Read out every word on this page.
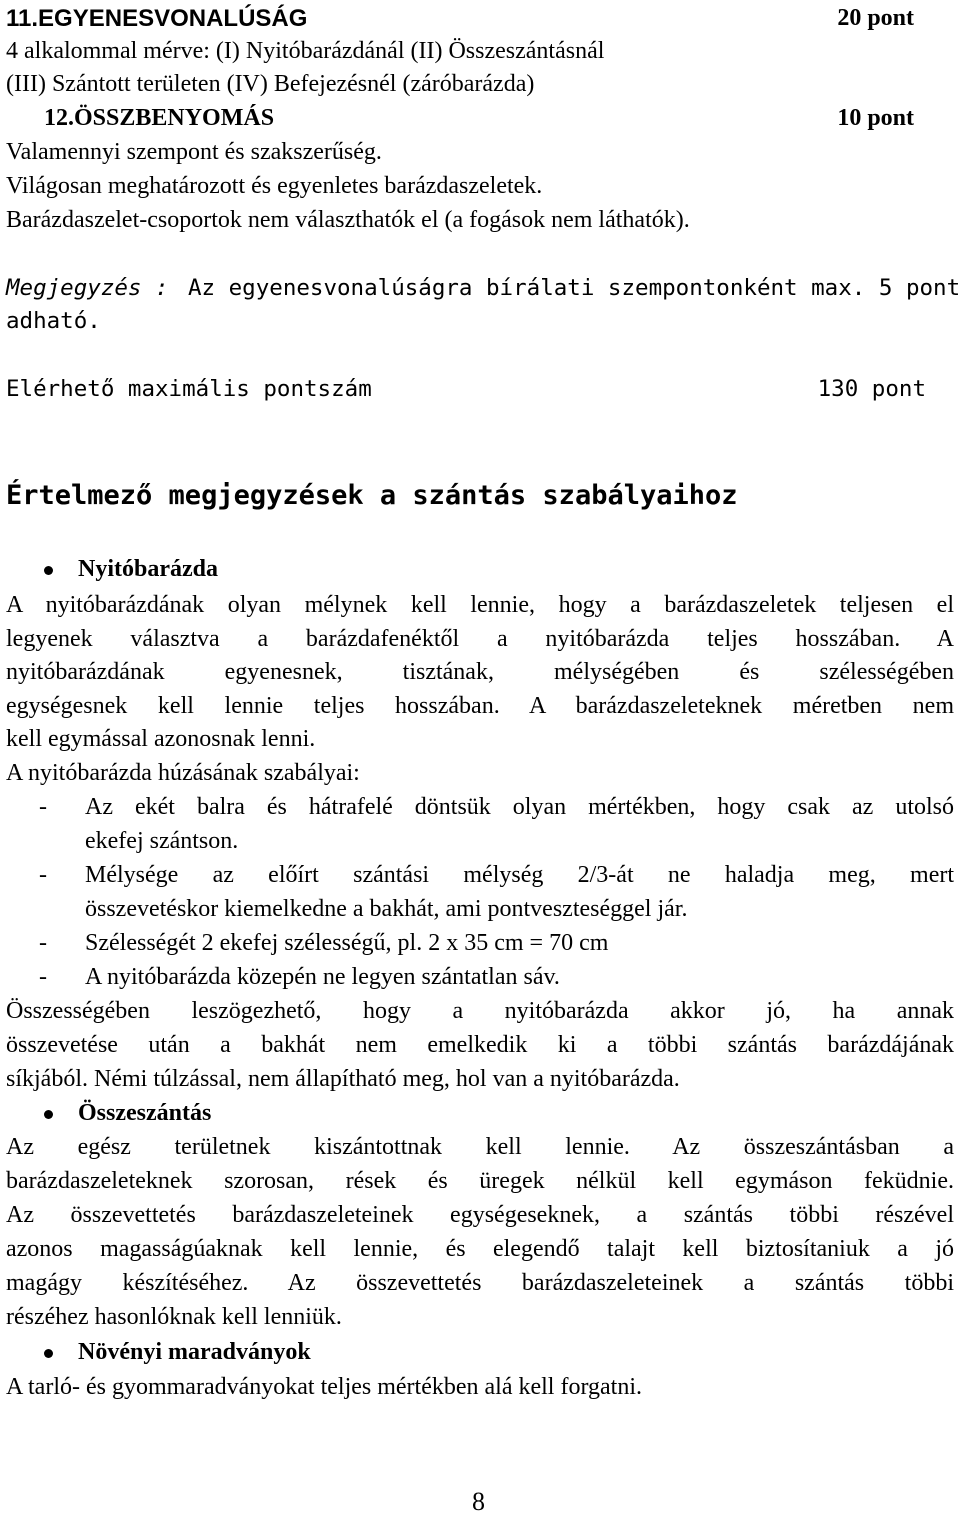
11.EGYENESVONALÚSÁG	20 pont
4 alkalommal mérve: (I) Nyitóbarázdánál (II) Összeszántásnál
(III) Szántott területen (IV) Befejezésnél (záróbarázda)
12.ÖSSZBENYOMÁS	10 pont
Valamennyi szempont és szakszerűség.
Világosan meghatározott és egyenletes barázdaszeletek.
Barázdaszelet-csoportok nem választhatók el (a fogások nem láthatók).
Megjegyzés : Az egyenesvonalúságra bírálati szempontonként max. 5 pont
adható.
Elérhető maximális pontszám	130 pont
Értelmező megjegyzések a szántás szabályaihoz
Nyitóbarázda
A nyitóbarázdának olyan mélynek kell lennie, hogy a barázdaszeletek teljesen el
legyenek választva a barázdafenéktől a nyitóbarázda teljes hosszában. A
nyitóbarázdának egyenesnek, tisztának, mélységében és szélességében
egységesnek kell lennie teljes hosszában. A barázdaszeleteknek méretben nem
kell egymással azonosnak lenni.
A nyitóbarázda húzásának szabályai:
- Az ekét balra és hátrafelé döntsük olyan mértékben, hogy csak az utolsó
ekefej szántson.
- Mélysége az előírt szántási mélység 2/3-át ne haladja meg, mert
összevetéskor kiemelkedne a bakhát, ami pontveszteséggel jár.
- Szélességét 2 ekefej szélességű, pl. 2 x 35 cm = 70 cm
- A nyitóbarázda közepén ne legyen szántatlan sáv.
Összességében leszögezhető, hogy a nyitóbarázda akkor jó, ha annak
összevetése után a bakhát nem emelkedik ki a többi szántás barázdájának
síkjából. Némi túlzással, nem állapítható meg, hol van a nyitóbarázda.
Összeszántás
Az egész területnek kiszántottnak kell lennie. Az összeszántásban a
barázdaszeleteknek szorosan, rések és üregek nélkül kell egymáson feküdnie.
Az összevettetés barázdaszeleteinek egységeseknek, a szántás többi részével
azonos magasságúaknak kell lennie, és elegendő talajt kell biztosítaniuk a jó
magágy készítéséhez. Az összevettetés barázdaszeleteinek a szántás többi
részéhez hasonlóknak kell lenniük.
Növényi maradványok
A tarló- és gyommaradványokat teljes mértékben alá kell forgatni.
8
